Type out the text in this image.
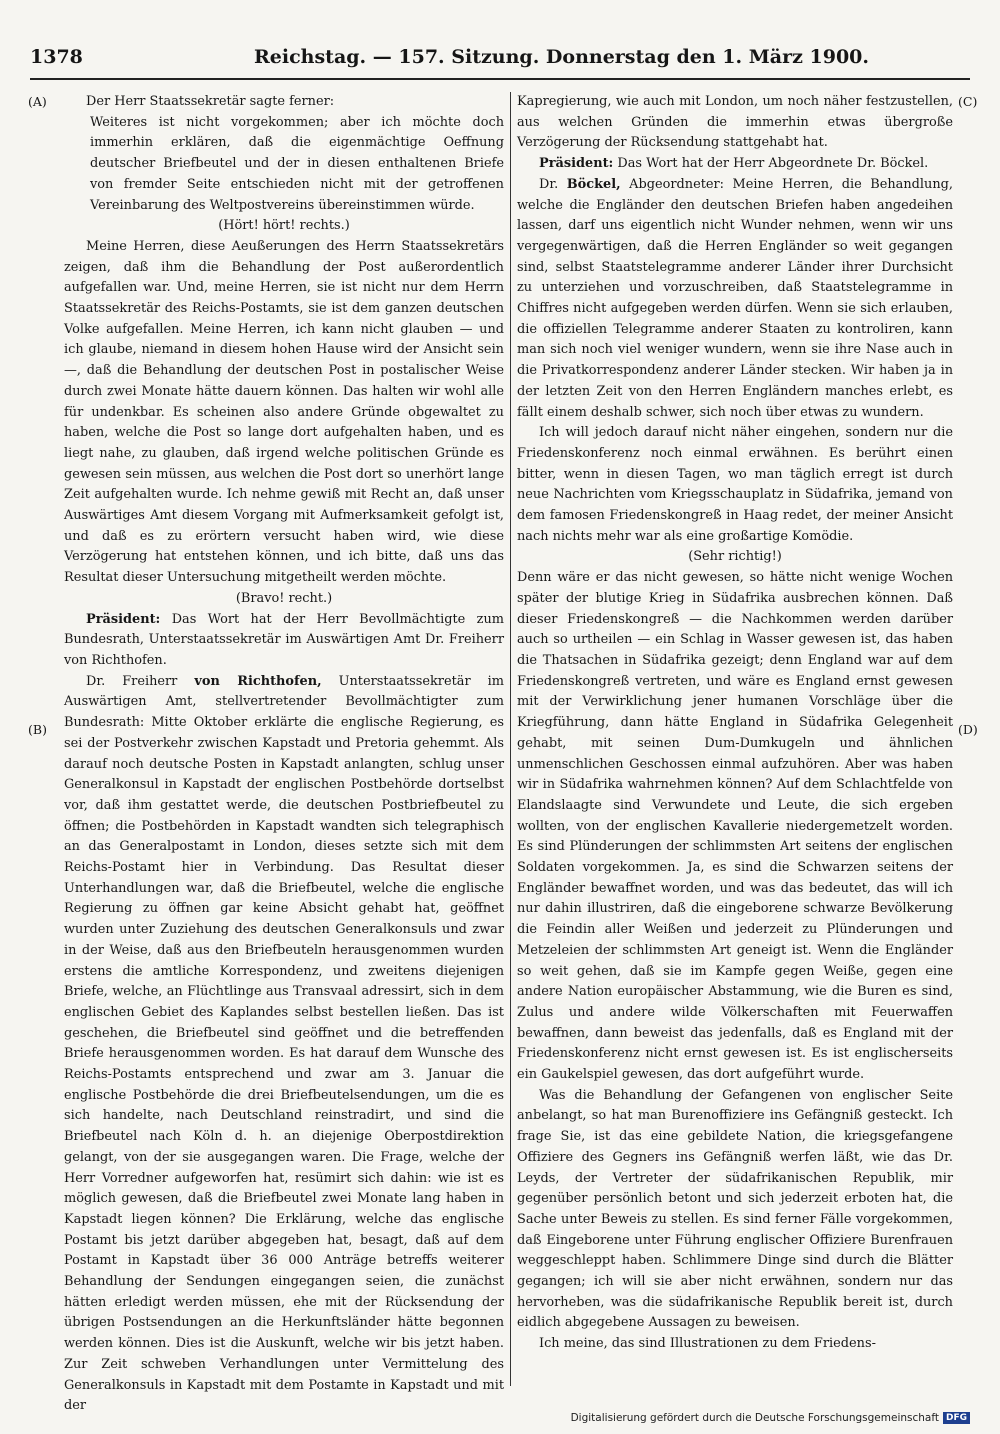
1378	Reichstag. — 157. Sitzung. Donnerstag den 1. März 1900.
(A)
(B)
(C)
(D)

Der Herr Staatssekretär sagte ferner:

Weiteres ist nicht vorgekommen; aber ich möchte doch immerhin erklären, daß die eigenmächtige Oeffnung deutscher Briefbeutel und der in diesen enthaltenen Briefe von fremder Seite entschieden nicht mit der getroffenen Vereinbarung des Weltpostvereins übereinstimmen würde.

(Hört! hört! rechts.)

Meine Herren, diese Aeußerungen des Herrn Staatssekretärs zeigen, daß ihm die Behandlung der Post außerordentlich aufgefallen war. Und, meine Herren, sie ist nicht nur dem Herrn Staatssekretär des Reichs-Postamts, sie ist dem ganzen deutschen Volke aufgefallen. Meine Herren, ich kann nicht glauben — und ich glaube, niemand in diesem hohen Hause wird der Ansicht sein —, daß die Behandlung der deutschen Post in postalischer Weise durch zwei Monate hätte dauern können. Das halten wir wohl alle für undenkbar. Es scheinen also andere Gründe obgewaltet zu haben, welche die Post so lange dort aufgehalten haben, und es liegt nahe, zu glauben, daß irgend welche politischen Gründe es gewesen sein müssen, aus welchen die Post dort so unerhört lange Zeit aufgehalten wurde. Ich nehme gewiß mit Recht an, daß unser Auswärtiges Amt diesem Vorgang mit Aufmerksamkeit gefolgt ist, und daß es zu erörtern versucht haben wird, wie diese Verzögerung hat entstehen können, und ich bitte, daß uns das Resultat dieser Untersuchung mitgetheilt werden möchte.

(Bravo! recht.)

Präsident: Das Wort hat der Herr Bevollmächtigte zum Bundesrath, Unterstaatssekretär im Auswärtigen Amt Dr. Freiherr von Richthofen.

Dr. Freiherr von Richthofen, Unterstaatssekretär im Auswärtigen Amt, stellvertretender Bevollmächtigter zum Bundesrath: Mitte Oktober erklärte die englische Regierung, es sei der Postverkehr zwischen Kapstadt und Pretoria gehemmt. Als darauf noch deutsche Posten in Kapstadt anlangten, schlug unser Generalkonsul in Kapstadt der englischen Postbehörde dortselbst vor, daß ihm gestattet werde, die deutschen Postbriefbeutel zu öffnen; die Postbehörden in Kapstadt wandten sich telegraphisch an das Generalpostamt in London, dieses setzte sich mit dem Reichs-Postamt hier in Verbindung. Das Resultat dieser Unterhandlungen war, daß die Briefbeutel, welche die englische Regierung zu öffnen gar keine Absicht gehabt hat, geöffnet wurden unter Zuziehung des deutschen Generalkonsuls und zwar in der Weise, daß aus den Briefbeuteln herausgenommen wurden erstens die amtliche Korrespondenz, und zweitens diejenigen Briefe, welche, an Flüchtlinge aus Transvaal adressirt, sich in dem englischen Gebiet des Kaplandes selbst bestellen ließen. Das ist geschehen, die Briefbeutel sind geöffnet und die betreffenden Briefe herausgenommen worden. Es hat darauf dem Wunsche des Reichs-Postamts entsprechend und zwar am 3. Januar die englische Postbehörde die drei Briefbeutelsendungen, um die es sich handelte, nach Deutschland reinstradirt, und sind die Briefbeutel nach Köln d. h. an diejenige Oberpostdirektion gelangt, von der sie ausgegangen waren. Die Frage, welche der Herr Vorredner aufgeworfen hat, resümirt sich dahin: wie ist es möglich gewesen, daß die Briefbeutel zwei Monate lang haben in Kapstadt liegen können? Die Erklärung, welche das englische Postamt bis jetzt darüber abgegeben hat, besagt, daß auf dem Postamt in Kapstadt über 36 000 Anträge betreffs weiterer Behandlung der Sendungen eingegangen seien, die zunächst hätten erledigt werden müssen, ehe mit der Rücksendung der übrigen Postsendungen an die Herkunftsländer hätte begonnen werden können. Dies ist die Auskunft, welche wir bis jetzt haben. Zur Zeit schweben Verhandlungen unter Vermittelung des Generalkonsuls in Kapstadt mit dem Postamte in Kapstadt und mit der

Kapregierung, wie auch mit London, um noch näher festzustellen, aus welchen Gründen die immerhin etwas übergroße Verzögerung der Rücksendung stattgehabt hat.

Präsident: Das Wort hat der Herr Abgeordnete Dr. Böckel.

Dr. Böckel, Abgeordneter: Meine Herren, die Behandlung, welche die Engländer den deutschen Briefen haben angedeihen lassen, darf uns eigentlich nicht Wunder nehmen, wenn wir uns vergegenwärtigen, daß die Herren Engländer so weit gegangen sind, selbst Staatstelegramme anderer Länder ihrer Durchsicht zu unterziehen und vorzuschreiben, daß Staatstelegramme in Chiffres nicht aufgegeben werden dürfen. Wenn sie sich erlauben, die offiziellen Telegramme anderer Staaten zu kontroliren, kann man sich noch viel weniger wundern, wenn sie ihre Nase auch in die Privatkorrespondenz anderer Länder stecken. Wir haben ja in der letzten Zeit von den Herren Engländern manches erlebt, es fällt einem deshalb schwer, sich noch über etwas zu wundern.

Ich will jedoch darauf nicht näher eingehen, sondern nur die Friedenskonferenz noch einmal erwähnen. Es berührt einen bitter, wenn in diesen Tagen, wo man täglich erregt ist durch neue Nachrichten vom Kriegsschauplatz in Südafrika, jemand von dem famosen Friedenskongreß in Haag redet, der meiner Ansicht nach nichts mehr war als eine großartige Komödie.

(Sehr richtig!)

Denn wäre er das nicht gewesen, so hätte nicht wenige Wochen später der blutige Krieg in Südafrika ausbrechen können. Daß dieser Friedenskongreß — die Nachkommen werden darüber auch so urtheilen — ein Schlag in Wasser gewesen ist, das haben die Thatsachen in Südafrika gezeigt; denn England war auf dem Friedenskongreß vertreten, und wäre es England ernst gewesen mit der Verwirklichung jener humanen Vorschläge über die Kriegführung, dann hätte England in Südafrika Gelegenheit gehabt, mit seinen Dum-Dumkugeln und ähnlichen unmenschlichen Geschossen einmal aufzuhören. Aber was haben wir in Südafrika wahrnehmen können? Auf dem Schlachtfelde von Elandslaagte sind Verwundete und Leute, die sich ergeben wollten, von der englischen Kavallerie niedergemetzelt worden. Es sind Plünderungen der schlimmsten Art seitens der englischen Soldaten vorgekommen. Ja, es sind die Schwarzen seitens der Engländer bewaffnet worden, und was das bedeutet, das will ich nur dahin illustriren, daß die eingeborene schwarze Bevölkerung die Feindin aller Weißen und jederzeit zu Plünderungen und Metzeleien der schlimmsten Art geneigt ist. Wenn die Engländer so weit gehen, daß sie im Kampfe gegen Weiße, gegen eine andere Nation europäischer Abstammung, wie die Buren es sind, Zulus und andere wilde Völkerschaften mit Feuerwaffen bewaffnen, dann beweist das jedenfalls, daß es England mit der Friedenskonferenz nicht ernst gewesen ist. Es ist englischerseits ein Gaukelspiel gewesen, das dort aufgeführt wurde.

Was die Behandlung der Gefangenen von englischer Seite anbelangt, so hat man Burenoffiziere ins Gefängniß gesteckt. Ich frage Sie, ist das eine gebildete Nation, die kriegsgefangene Offiziere des Gegners ins Gefängniß werfen läßt, wie das Dr. Leyds, der Vertreter der südafrikanischen Republik, mir gegenüber persönlich betont und sich jederzeit erboten hat, die Sache unter Beweis zu stellen. Es sind ferner Fälle vorgekommen, daß Eingeborene unter Führung englischer Offiziere Burenfrauen weggeschleppt haben. Schlimmere Dinge sind durch die Blätter gegangen; ich will sie aber nicht erwähnen, sondern nur das hervorheben, was die südafrikanische Republik bereit ist, durch eidlich abgegebene Aussagen zu beweisen.

Ich meine, das sind Illustrationen zu dem Friedens-

Digitalisierung gefördert durch die Deutsche Forschungsgemeinschaft DFG
